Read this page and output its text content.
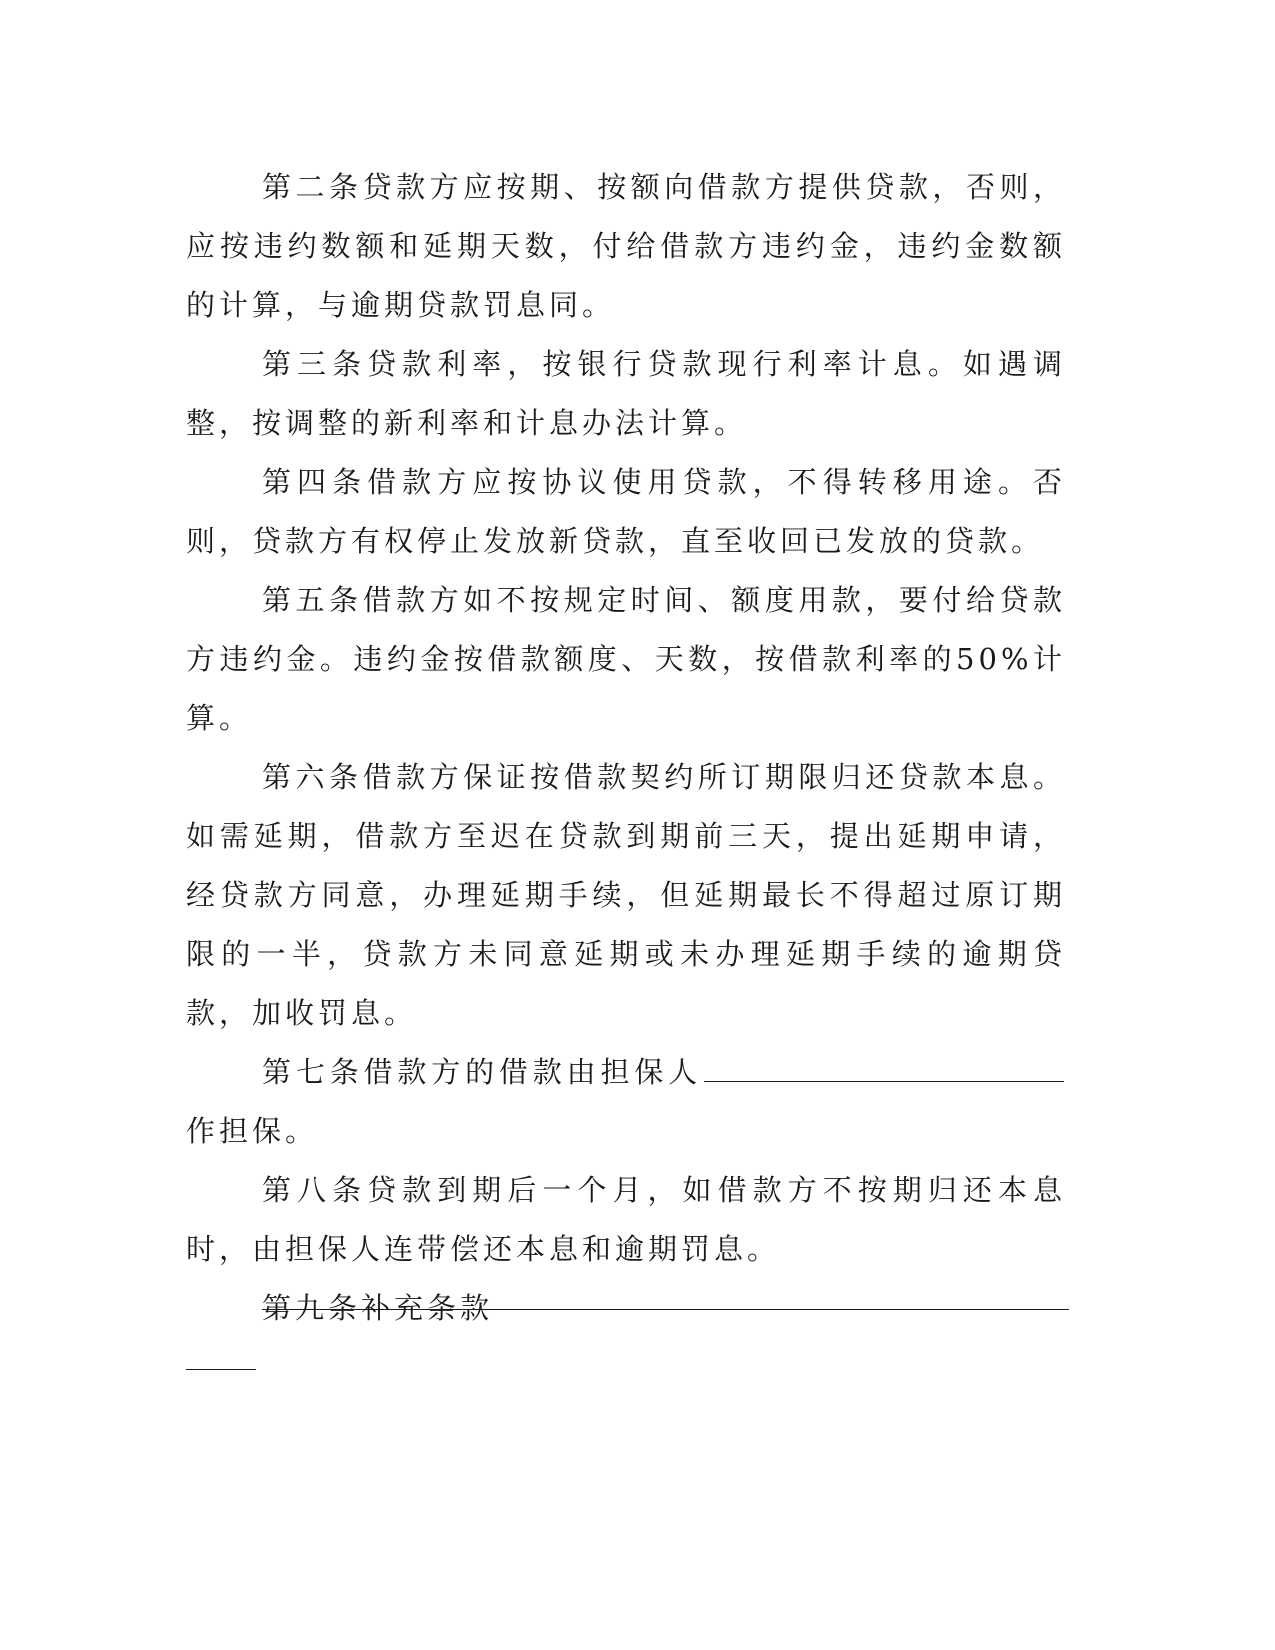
第二条贷款方应按期、按额向借款方提供贷款，否则，应按违约数额和延期天数，付给借款方违约金，违约金数额的计算，与逾期贷款罚息同。

第三条贷款利率，按银行贷款现行利率计息。如遇调整，按调整的新利率和计息办法计算。

第四条借款方应按协议使用贷款，不得转移用途。否则，贷款方有权停止发放新贷款，直至收回已发放的贷款。

第五条借款方如不按规定时间、额度用款，要付给贷款方违约金。违约金按借款额度、天数，按借款利率的50%计算。

第六条借款方保证按借款契约所订期限归还贷款本息。如需延期，借款方至迟在贷款到期前三天，提出延期申请，经贷款方同意，办理延期手续，但延期最长不得超过原订期限的一半，贷款方未同意延期或未办理延期手续的逾期贷款，加收罚息。

第七条借款方的借款由担保人作担保。

第八条贷款到期后一个月，如借款方不按期归还本息时，由担保人连带偿还本息和逾期罚息。

第九条补充条款
